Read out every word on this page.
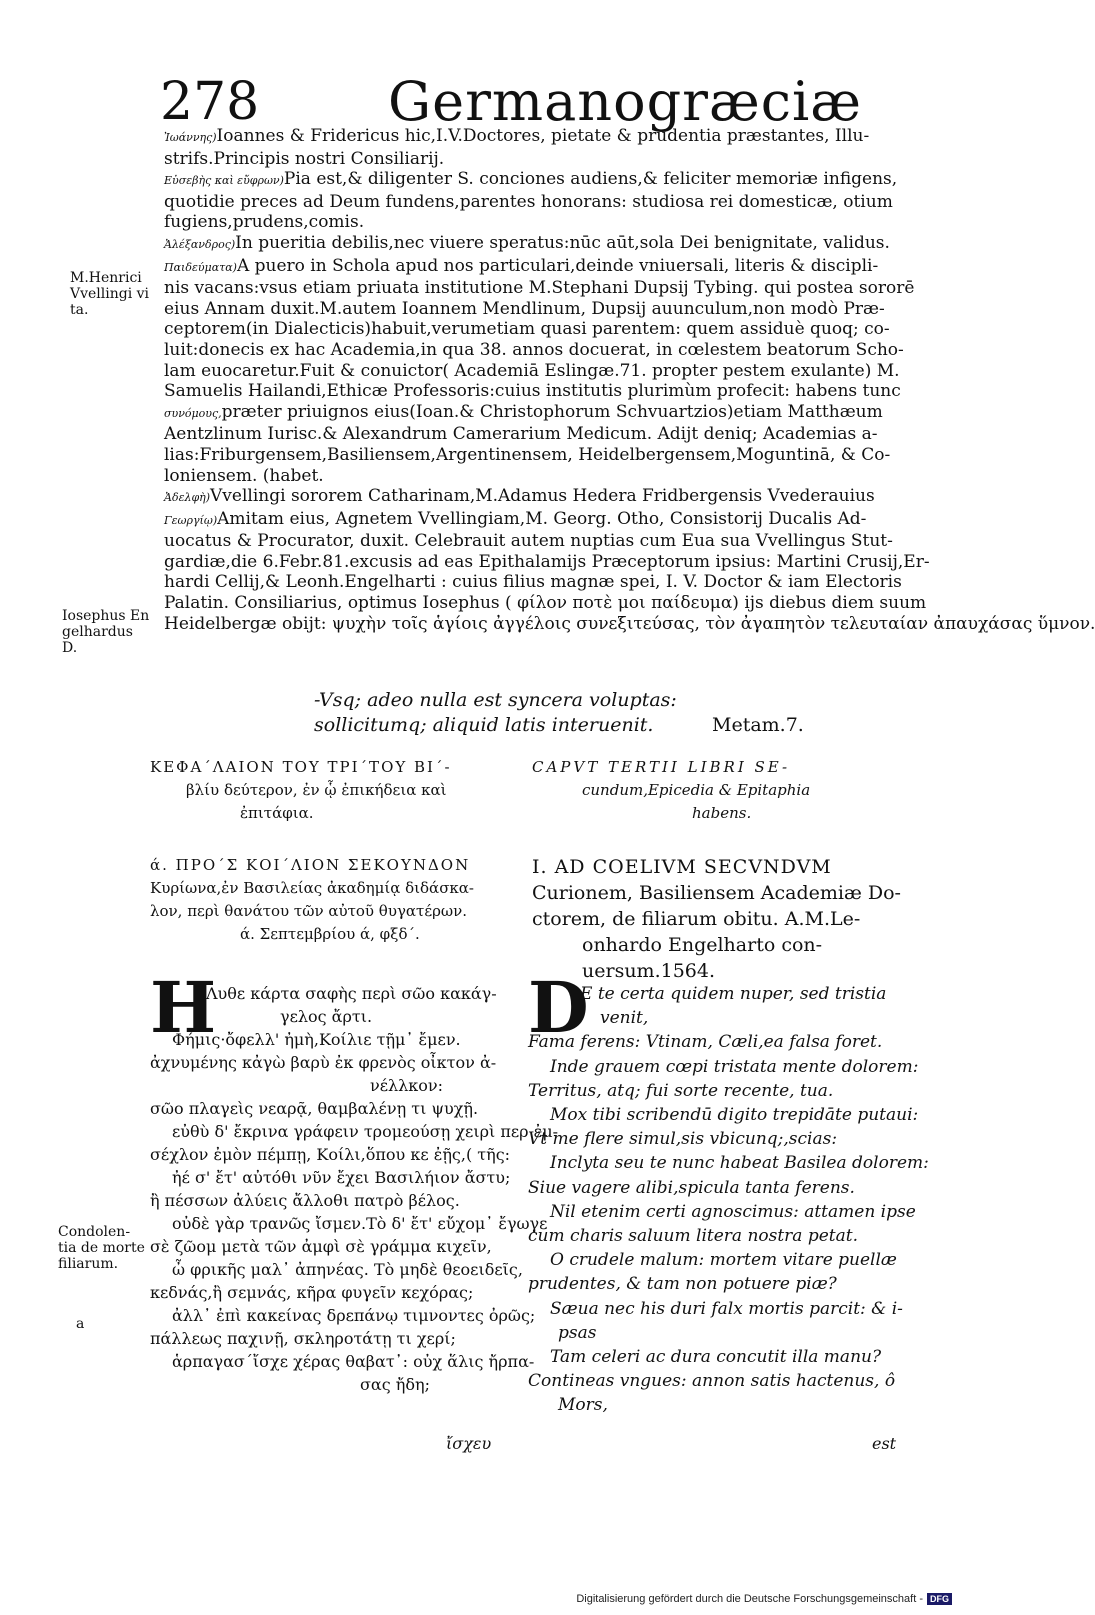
278 Germanogræciæ

Ἰωάννης)Ioannes & Fridericus hic,I.V.Doctores, pietate & prudentia præstantes, Illu-

strifs.Principis nostri Consiliarij.

Εὐσεβὴς καὶ εὔφρων)Pia est,& diligenter S. conciones audiens,& feliciter memoriæ infigens,

quotidie preces ad Deum fundens,parentes honorans: studiosa rei domesticæ, otium

fugiens,prudens,comis.

Ἀλέξανδρος)In pueritia debilis,nec viuere speratus:nūc aūt,sola Dei benignitate, validus.

Παιδεύματα)A puero in Schola apud nos particulari,deinde vniuersali, literis & discipli-

nis vacans:vsus etiam priuata institutione M.Stephani Dupsij Tybing. qui postea sororē

eius Annam duxit.M.autem Ioannem Mendlinum, Dupsij auunculum,non modò Præ-

ceptorem(in Dialecticis)habuit,verumetiam quasi parentem: quem assiduè quoq; co-

luit:donecis ex hac Academia,in qua 38. annos docuerat, in cœlestem beatorum Scho-

lam euocaretur.Fuit & conuictor( Academiā Eslingæ.71. propter pestem exulante) M.

Samuelis Hailandi,Ethicæ Professoris:cuius institutis plurimùm profecit: habens tunc

συνόμους,præter priuignos eius(Ioan.& Christophorum Schvuartzios)etiam Matthæum

Aentzlinum Iurisc.& Alexandrum Camerarium Medicum. Adijt deniq; Academias a-

lias:Friburgensem,Basiliensem,Argentinensem, Heidelbergensem,Moguntinā, & Co-

loniensem. (habet.

Ἀδελφὴ)Vvellingi sororem Catharinam,M.Adamus Hedera Fridbergensis Vvederauius

Γεωργίῳ)Amitam eius, Agnetem Vvellingiam,M. Georg. Otho, Consistorij Ducalis Ad-

uocatus & Procurator, duxit. Celebrauit autem nuptias cum Eua sua Vvellingus Stut-

gardiæ,die 6.Febr.81.excusis ad eas Epithalamijs Præceptorum ipsius: Martini Crusij,Er-

hardi Cellij,& Leonh.Engelharti : cuius filius magnæ spei, I. V. Doctor & iam Electoris

Palatin. Consiliarius, optimus Iosephus ( φίλον ποτὲ μοι παίδευμα) ijs diebus diem suum

Heidelbergæ obijt: ψυχὴν τοῖς ἁγίοις ἀγγέλοις συνεξιτεύσας, τὸν ἀγαπητὸν τελευταίαν ἀπαυχάσας ὕμνον.

M.Henrici
Vvellingi vi
ta.
Iosephus En
gelhardus
D.
Condolen-
tia de morte
filiarum.
a
-Vsq; adeo nulla est syncera voluptas:
sollicitumq; aliquid latis interuenit.	Metam.7.
ΚΕΦΑ΄ΛΑΙΟΝ ΤΟΥ ΤΡΙ΄ΤΟΥ ΒΙ΄-
βλίυ δεύτερον, ἐν ᾧ ἐπικήδεια καὶ
ἐπιτάφια.
CAPVT TERTII LIBRI SE-
cundum,Epicedia & Epitaphia
habens.
ά. ΠΡΟ΄Σ ΚΟΙ΄ΛΙΟΝ ΣΕΚΟΥΝΔΟΝ
Κυρίωνα,ἐν Βασιλείας ἀκαδημίᾳ διδάσκα-
λον, περὶ θανάτου τῶν αὐτοῦ θυγατέρων.
ά. Σεπτεμβρίου ά, φξδ΄.
I. AD COELIVM SECVNDVM
Curionem, Basiliensem Academiæ Do-
ctorem, de filiarum obitu. A.M.Le-
onhardo Engelharto con-
uersum.1564.
H

Λυθε κάρτα σαφὴς περὶ σῶο κακάγ-

γελος ἄρτι.

Φήμις·ὄφελλ' ἠμὴ,Κοίλιε τῇμ᾽ ἔμεν.

ἀχνυμένης κἀγὼ βαρὺ ἐκ φρενὸς οἶκτον ἀ-

νέλλκον:

σῶο πλαγεὶς νεαρᾷ, θαμβαλένῃ τι ψυχῇ.

εὐθὺ δ' ἔκρινα γράφειν τρομεούσῃ χειρὶ περ ἐμ-

σέχλον ἐμὸν πέμπῃ, Κοίλι,ὅπου κε ἐῇς,( τῆς:

ἠέ σ' ἔτ' αὐτόθι νῦν ἔχει Βασιλήιον ἄστυ;

ἢ πέσσων ἀλύεις ἄλλοθι πατρὸ βέλος.

οὐδὲ γὰρ τρανῶς ἴσμεν.Τὸ δ' ἔτ' εὔχομ᾽ ἔγωγε

σὲ ζῶομ μετὰ τῶν ἀμφὶ σὲ γράμμα κιχεῖν,

ὦ φρικῆς μαλ᾽ ἀπηνέας. Τὸ μηδὲ θεοειδεῖς,

κεδνάς,ἢ σεμνάς, κῆρα φυγεῖν κεχόρας;

ἀλλ᾽ ἐπὶ κακείνας δρεπάνῳ τιμνοντες ὀρῶς;

πάλλεως παχινῇ, σκληροτάτῃ τι χερί;

ἁρπαγασ΄ἴσχε χέρας θαβατ᾽: οὐχ ἅλις ἤρπα-

σας ἤδη;

ἴσχευ
D

E te certa quidem nuper, sed tristia

venit,

Fama ferens: Vtinam, Cæli,ea falsa foret.

Inde grauem cœpi tristata mente dolorem:

Territus, atq; fui sorte recente, tua.

Mox tibi scribendū digito trepidāte putaui:

Vt me flere simul,sis vbicunq;,scias:

Inclyta seu te nunc habeat Basilea dolorem:

Siue vagere alibi,spicula tanta ferens.

Nil etenim certi agnoscimus: attamen ipse

cum charis saluum litera nostra petat.

O crudele malum: mortem vitare puellæ

prudentes, & tam non potuere piæ?

Sæua nec his duri falx mortis parcit: & i-

psas

Tam celeri ac dura concutit illa manu?

Contineas vngues: annon satis hactenus, ô

Mors,

est
Digitalisierung gefördert durch die Deutsche Forschungsgemeinschaft - DFG
